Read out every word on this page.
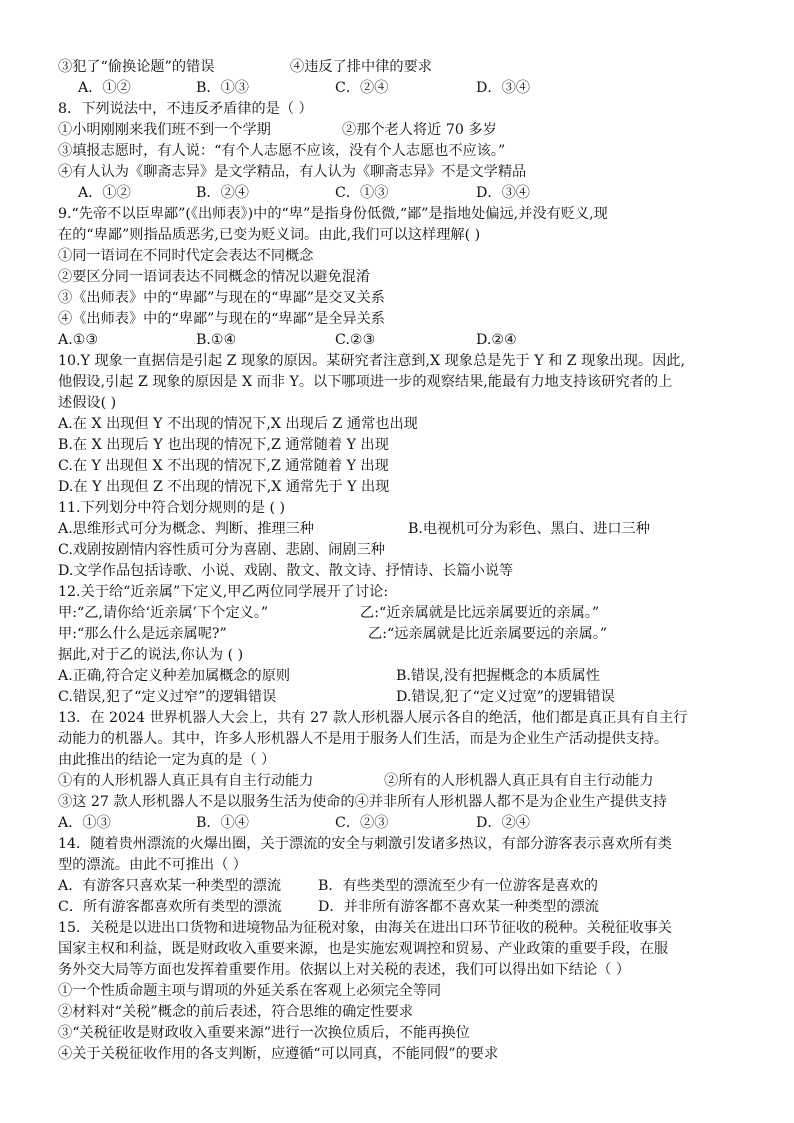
③犯了“偷换论题”的错误	④违反了排中律的要求
A．①②	B．①③	C．②④	D．③④
8．下列说法中，不违反矛盾律的是（ ）
①小明刚刚来我们班不到一个学期	②那个老人将近 70 多岁
③填报志愿时，有人说：“有个人志愿不应该，没有个人志愿也不应该。”
④有人认为《聊斋志异》是文学精品，有人认为《聊斋志异》不是文学精品
A．①②	B．②④	C．①③	D．③④
9.“先帝不以臣卑鄙”(《出师表》)中的“卑”是指身份低微,“鄙”是指地处偏远,并没有贬义,现
在的“卑鄙”则指品质恶劣,已变为贬义词。由此,我们可以这样理解( )
①同一语词在不同时代定会表达不同概念
②要区分同一语词表达不同概念的情况以避免混淆
③《出师表》中的“卑鄙”与现在的“卑鄙”是交叉关系
④《出师表》中的“卑鄙”与现在的“卑鄙”是全异关系
A.①③	B.①④	C.②③	D.②④
10.Y 现象一直据信是引起 Z 现象的原因。某研究者注意到,X 现象总是先于 Y 和 Z 现象出现。因此,
他假设,引起 Z 现象的原因是 X 而非 Y。以下哪项进一步的观察结果,能最有力地支持该研究者的上
述假设( )
A.在 X 出现但 Y 不出现的情况下,X 出现后 Z 通常也出现
B.在 X 出现后 Y 也出现的情况下,Z 通常随着 Y 出现
C.在 Y 出现但 X 不出现的情况下,Z 通常随着 Y 出现
D.在 Y 出现但 Z 不出现的情况下,X 通常先于 Y 出现
11.下列划分中符合划分规则的是 ( )
A.思维形式可分为概念、判断、推理三种	B.电视机可分为彩色、黑白、进口三种
C.戏剧按剧情内容性质可分为喜剧、悲剧、闹剧三种
D.文学作品包括诗歌、小说、戏剧、散文、散文诗、抒情诗、长篇小说等
12.关于给“近亲属”下定义,甲乙两位同学展开了讨论:
甲:“乙,请你给‘近亲属’下个定义。”	乙:“近亲属就是比远亲属要近的亲属。”
甲:“那么什么是远亲属呢?”	乙:“远亲属就是比近亲属要远的亲属。”
据此,对于乙的说法,你认为 ( )
A.正确,符合定义种差加属概念的原则	B.错误,没有把握概念的本质属性
C.错误,犯了“定义过窄”的逻辑错误	D.错误,犯了“定义过宽”的逻辑错误
13．在 2024 世界机器人大会上，共有 27 款人形机器人展示各自的绝活，他们都是真正具有自主行
动能力的机器人。其中，许多人形机器人不是用于服务人们生活，而是为企业生产活动提供支持。
由此推出的结论一定为真的是（ ）
①有的人形机器人真正具有自主行动能力	②所有的人形机器人真正具有自主行动能力
③这 27 款人形机器人不是以服务生活为使命的④并非所有人形机器人都不是为企业生产提供支持
A．①③	B．①④	C．②③	D．②④
14．随着贵州漂流的火爆出圈，关于漂流的安全与刺激引发诸多热议，有部分游客表示喜欢所有类
型的漂流。由此不可推出（ ）
A．有游客只喜欢某一种类型的漂流	B．有些类型的漂流至少有一位游客是喜欢的
C．所有游客都喜欢所有类型的漂流	D．并非所有游客都不喜欢某一种类型的漂流
15．关税是以进出口货物和进境物品为征税对象，由海关在进出口环节征收的税种。关税征收事关
国家主权和利益，既是财政收入重要来源，也是实施宏观调控和贸易、产业政策的重要手段，在服
务外交大局等方面也发挥着重要作用。依据以上对关税的表述，我们可以得出如下结论（ ）
①一个性质命题主项与谓项的外延关系在客观上必须完全等同
②材料对“关税”概念的前后表述，符合思维的确定性要求
③“关税征收是财政收入重要来源”进行一次换位质后，不能再换位
④关于关税征收作用的各支判断，应遵循“可以同真，不能同假”的要求
